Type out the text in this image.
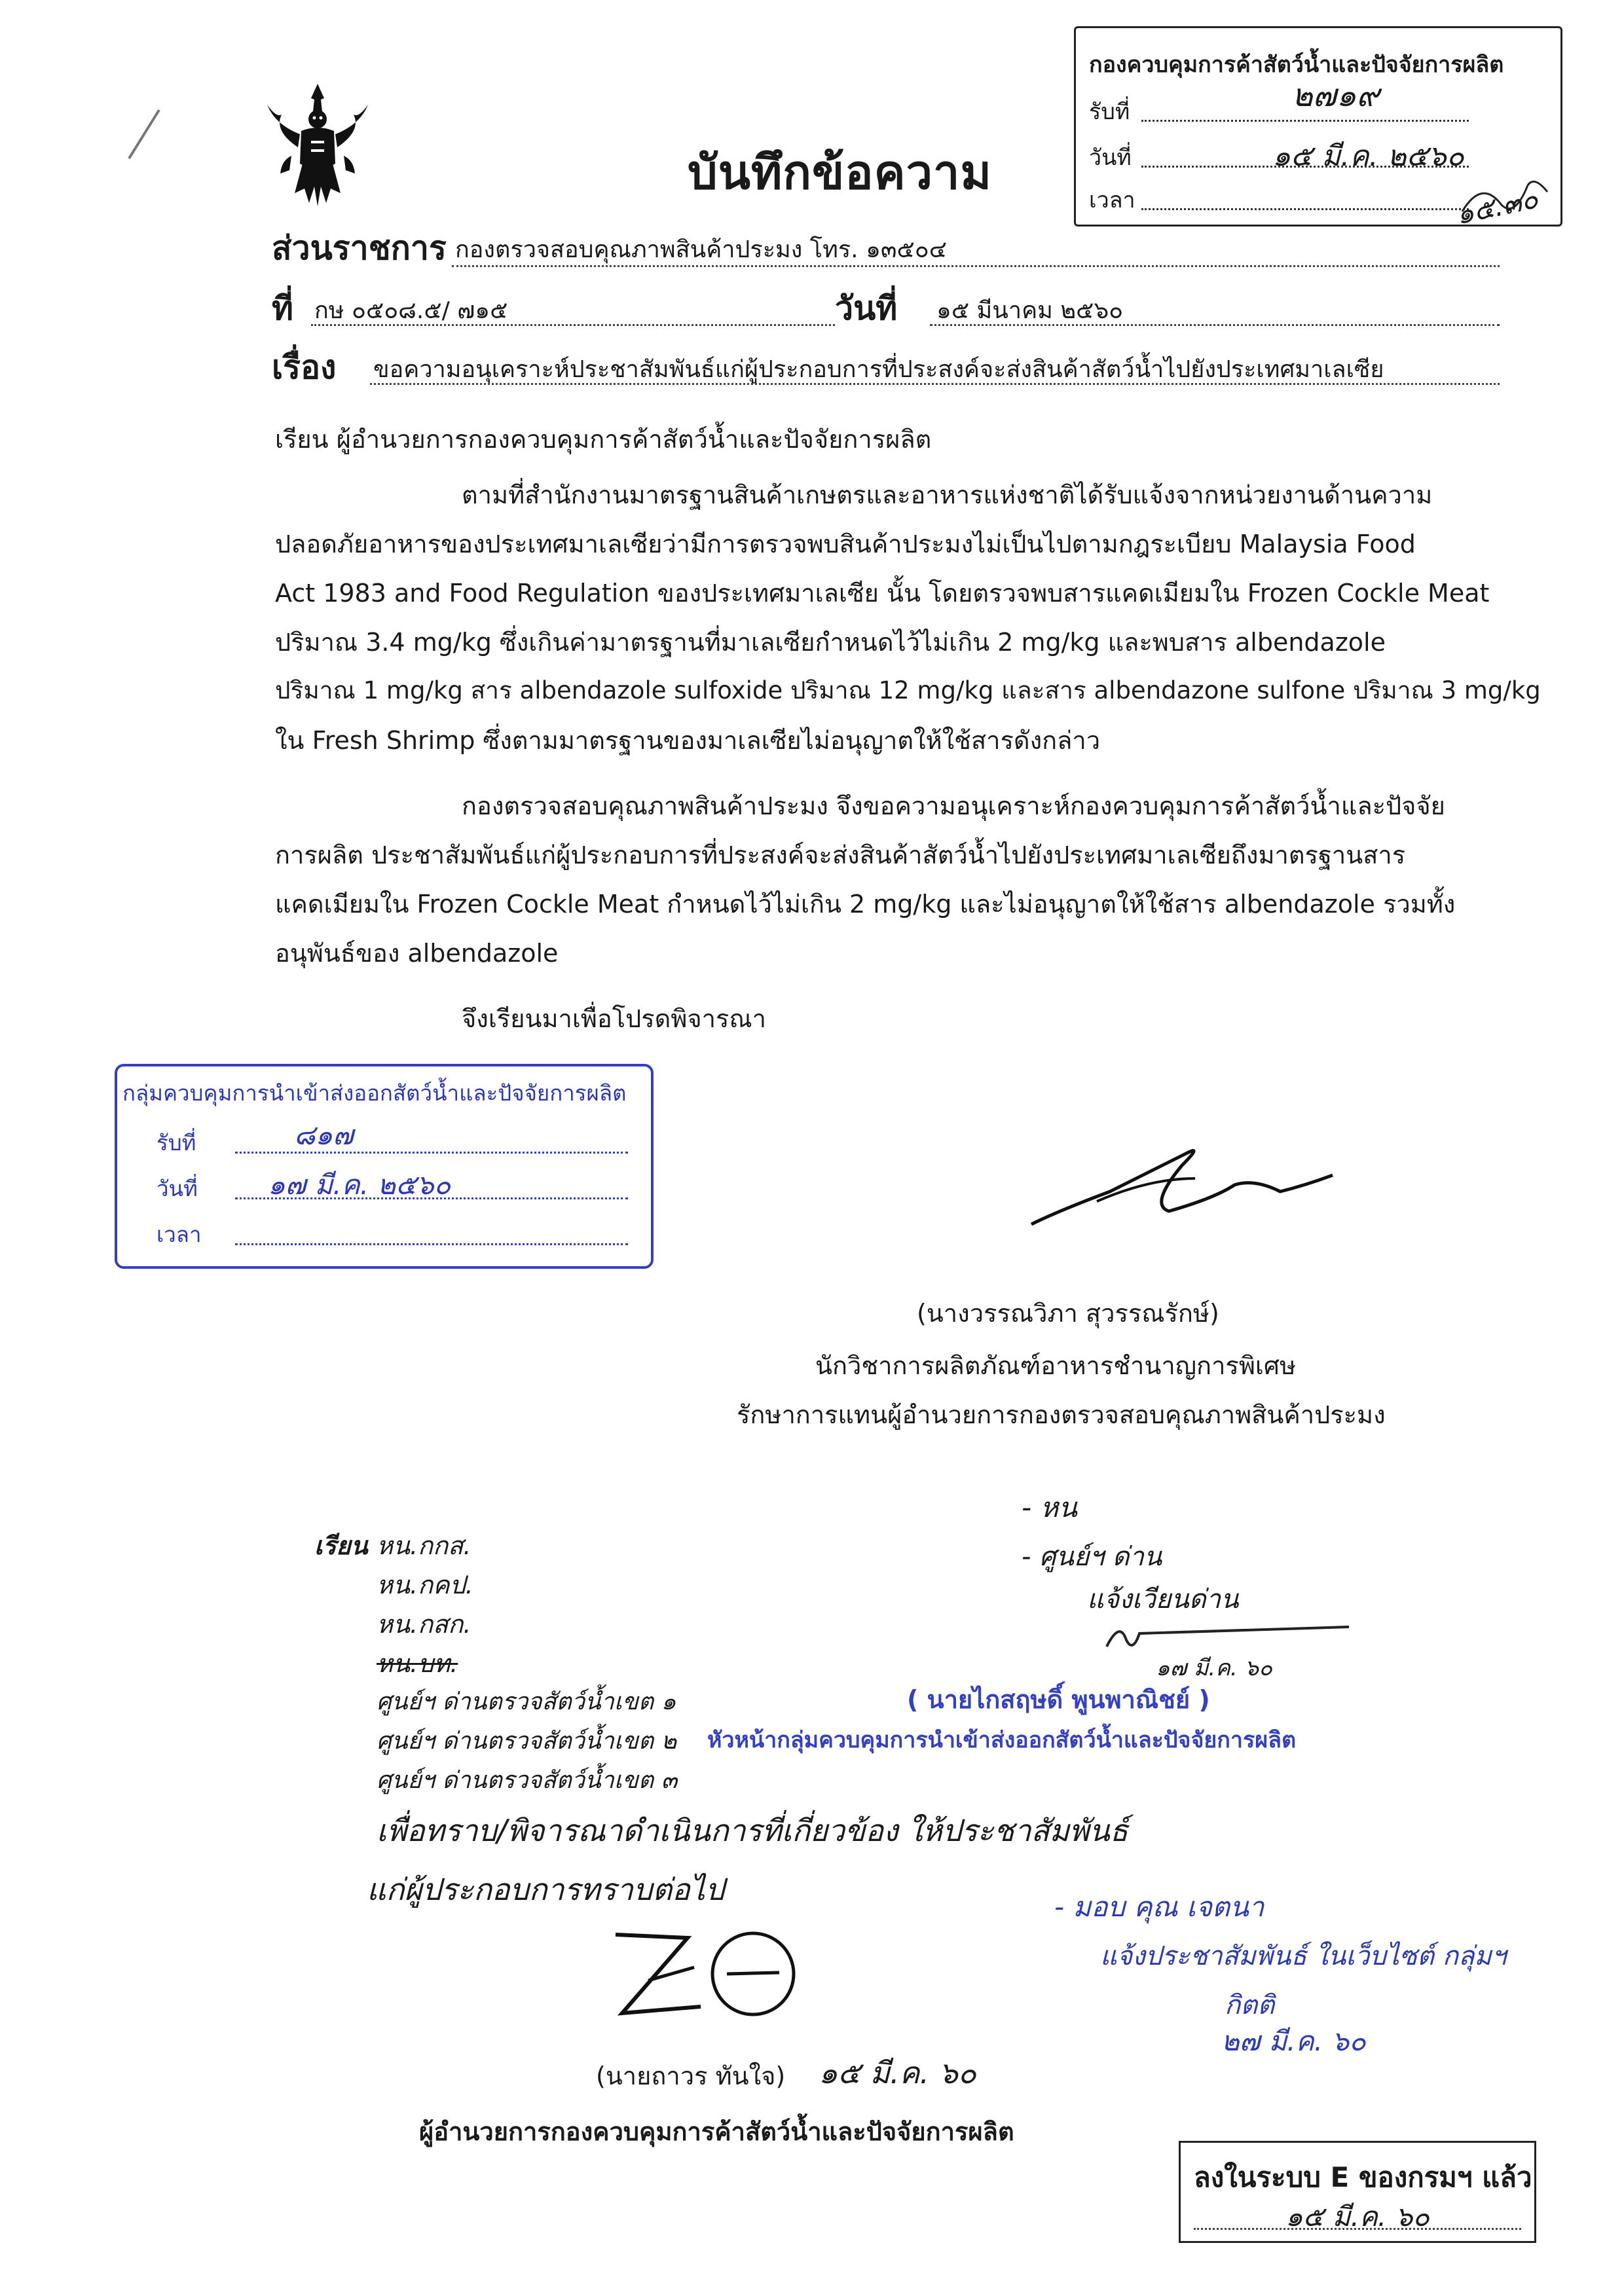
บันทึกข้อความ
กองควบคุมการค้าสัตว์น้ำและปัจจัยการผลิต
รับที่	๒๗๑๙
วันที่	๑๕ มี.ค. ๒๕๖๐
เวลา	๑๕.๓๐
ส่วนราชการ กองตรวจสอบคุณภาพสินค้าประมง โทร. ๑๓๕๐๔
ที่ กษ ๐๕๐๘.๕/ ๗๑๕	วันที่ ๑๕ มีนาคม ๒๕๖๐
เรื่อง ขอความอนุเคราะห์ประชาสัมพันธ์แก่ผู้ประกอบการที่ประสงค์จะส่งสินค้าสัตว์น้ำไปยังประเทศมาเลเซีย
เรียน ผู้อำนวยการกองควบคุมการค้าสัตว์น้ำและปัจจัยการผลิต
ตามที่สำนักงานมาตรฐานสินค้าเกษตรและอาหารแห่งชาติได้รับแจ้งจากหน่วยงานด้านความ
ปลอดภัยอาหารของประเทศมาเลเซียว่ามีการตรวจพบสินค้าประมงไม่เป็นไปตามกฎระเบียบ Malaysia Food
Act 1983 and Food Regulation ของประเทศมาเลเซีย นั้น โดยตรวจพบสารแคดเมียมใน Frozen Cockle Meat
ปริมาณ 3.4 mg/kg ซึ่งเกินค่ามาตรฐานที่มาเลเซียกำหนดไว้ไม่เกิน 2 mg/kg และพบสาร albendazole
ปริมาณ 1 mg/kg สาร albendazole sulfoxide ปริมาณ 12 mg/kg และสาร albendazone sulfone ปริมาณ 3 mg/kg
ใน Fresh Shrimp ซึ่งตามมาตรฐานของมาเลเซียไม่อนุญาตให้ใช้สารดังกล่าว
กองตรวจสอบคุณภาพสินค้าประมง จึงขอความอนุเคราะห์กองควบคุมการค้าสัตว์น้ำและปัจจัย
การผลิต ประชาสัมพันธ์แก่ผู้ประกอบการที่ประสงค์จะส่งสินค้าสัตว์น้ำไปยังประเทศมาเลเซียถึงมาตรฐานสาร
แคดเมียมใน Frozen Cockle Meat กำหนดไว้ไม่เกิน 2 mg/kg และไม่อนุญาตให้ใช้สาร albendazole รวมทั้ง
อนุพันธ์ของ albendazole
จึงเรียนมาเพื่อโปรดพิจารณา
กลุ่มควบคุมการนำเข้าส่งออกสัตว์น้ำและปัจจัยการผลิต
รับที่	๘๑๗
วันที่	๑๗ มี.ค. ๒๕๖๐
เวลา
(นางวรรณวิภา สุวรรณรักษ์)
นักวิชาการผลิตภัณฑ์อาหารชำนาญการพิเศษ
รักษาการแทนผู้อำนวยการกองตรวจสอบคุณภาพสินค้าประมง
เรียน หน.กกส.
หน.กคป.
หน.กสก.
หน.บท.
ศูนย์ฯ ด่านตรวจสัตว์น้ำเขต ๑
ศูนย์ฯ ด่านตรวจสัตว์น้ำเขต ๒
ศูนย์ฯ ด่านตรวจสัตว์น้ำเขต ๓
เพื่อทราบ/พิจารณาดำเนินการที่เกี่ยวข้อง ให้ประชาสัมพันธ์
แก่ผู้ประกอบการทราบต่อไป
(นายถาวร ทันใจ) ๑๕ มี.ค. ๖๐
ผู้อำนวยการกองควบคุมการค้าสัตว์น้ำและปัจจัยการผลิต
- หน
- ศูนย์ฯ ด่าน
แจ้งเวียนด่าน
๑๗ มี.ค. ๖๐
( นายไกสฤษดิ์ พูนพาณิชย์ )
หัวหน้ากลุ่มควบคุมการนำเข้าส่งออกสัตว์น้ำและปัจจัยการผลิต
- มอบ คุณ เจตนา
แจ้งประชาสัมพันธ์ ในเว็บไซต์ กลุ่มฯ
กิตติ
๒๗ มี.ค. ๖๐
ลงในระบบ E ของกรมฯ แล้ว
๑๕ มี.ค. ๖๐
